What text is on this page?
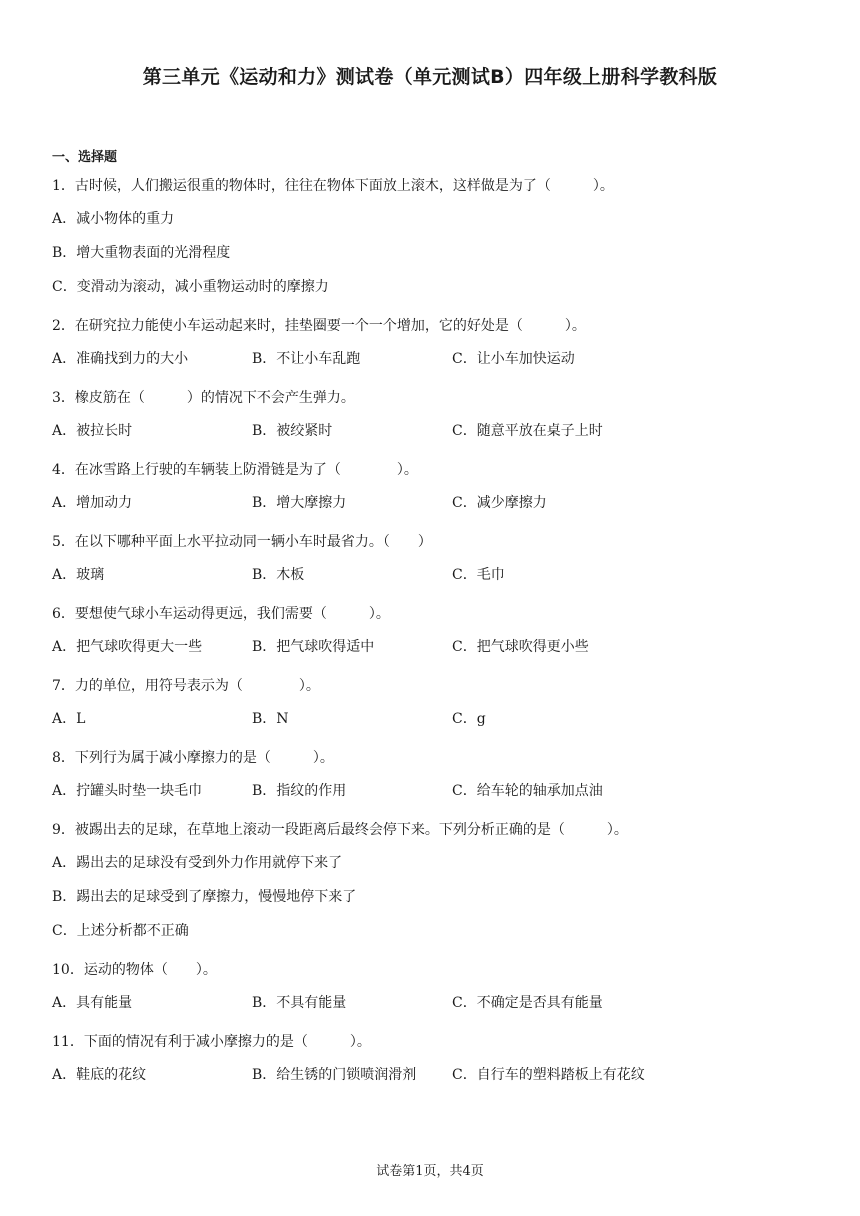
第三单元《运动和力》测试卷（单元测试B）四年级上册科学教科版
一、选择题
1．古时候，人们搬运很重的物体时，往往在物体下面放上滚木，这样做是为了（　　　）。
A．减小物体的重力
B．增大重物表面的光滑程度
C．变滑动为滚动，减小重物运动时的摩擦力
2．在研究拉力能使小车运动起来时，挂垫圈要一个一个增加，它的好处是（　　　）。
A．准确找到力的大小	B．不让小车乱跑	C．让小车加快运动
3．橡皮筋在（　　　）的情况下不会产生弹力。
A．被拉长时	B．被绞紧时	C．随意平放在桌子上时
4．在冰雪路上行驶的车辆装上防滑链是为了（　　　　）。
A．增加动力	B．增大摩擦力	C．减少摩擦力
5．在以下哪种平面上水平拉动同一辆小车时最省力。（　　）
A．玻璃	B．木板	C．毛巾
6．要想使气球小车运动得更远，我们需要（　　　）。
A．把气球吹得更大一些	B．把气球吹得适中	C．把气球吹得更小些
7．力的单位，用符号表示为（　　　　）。
A．L	B．N	C．g
8．下列行为属于减小摩擦力的是（　　　）。
A．拧罐头时垫一块毛巾	B．指纹的作用	C．给车轮的轴承加点油
9．被踢出去的足球，在草地上滚动一段距离后最终会停下来。下列分析正确的是（　　　）。
A．踢出去的足球没有受到外力作用就停下来了
B．踢出去的足球受到了摩擦力，慢慢地停下来了
C．上述分析都不正确
10．运动的物体（　　）。
A．具有能量	B．不具有能量	C．不确定是否具有能量
11．下面的情况有利于减小摩擦力的是（　　　）。
A．鞋底的花纹	B．给生锈的门锁喷润滑剂	C．自行车的塑料踏板上有花纹
试卷第1页，共4页
